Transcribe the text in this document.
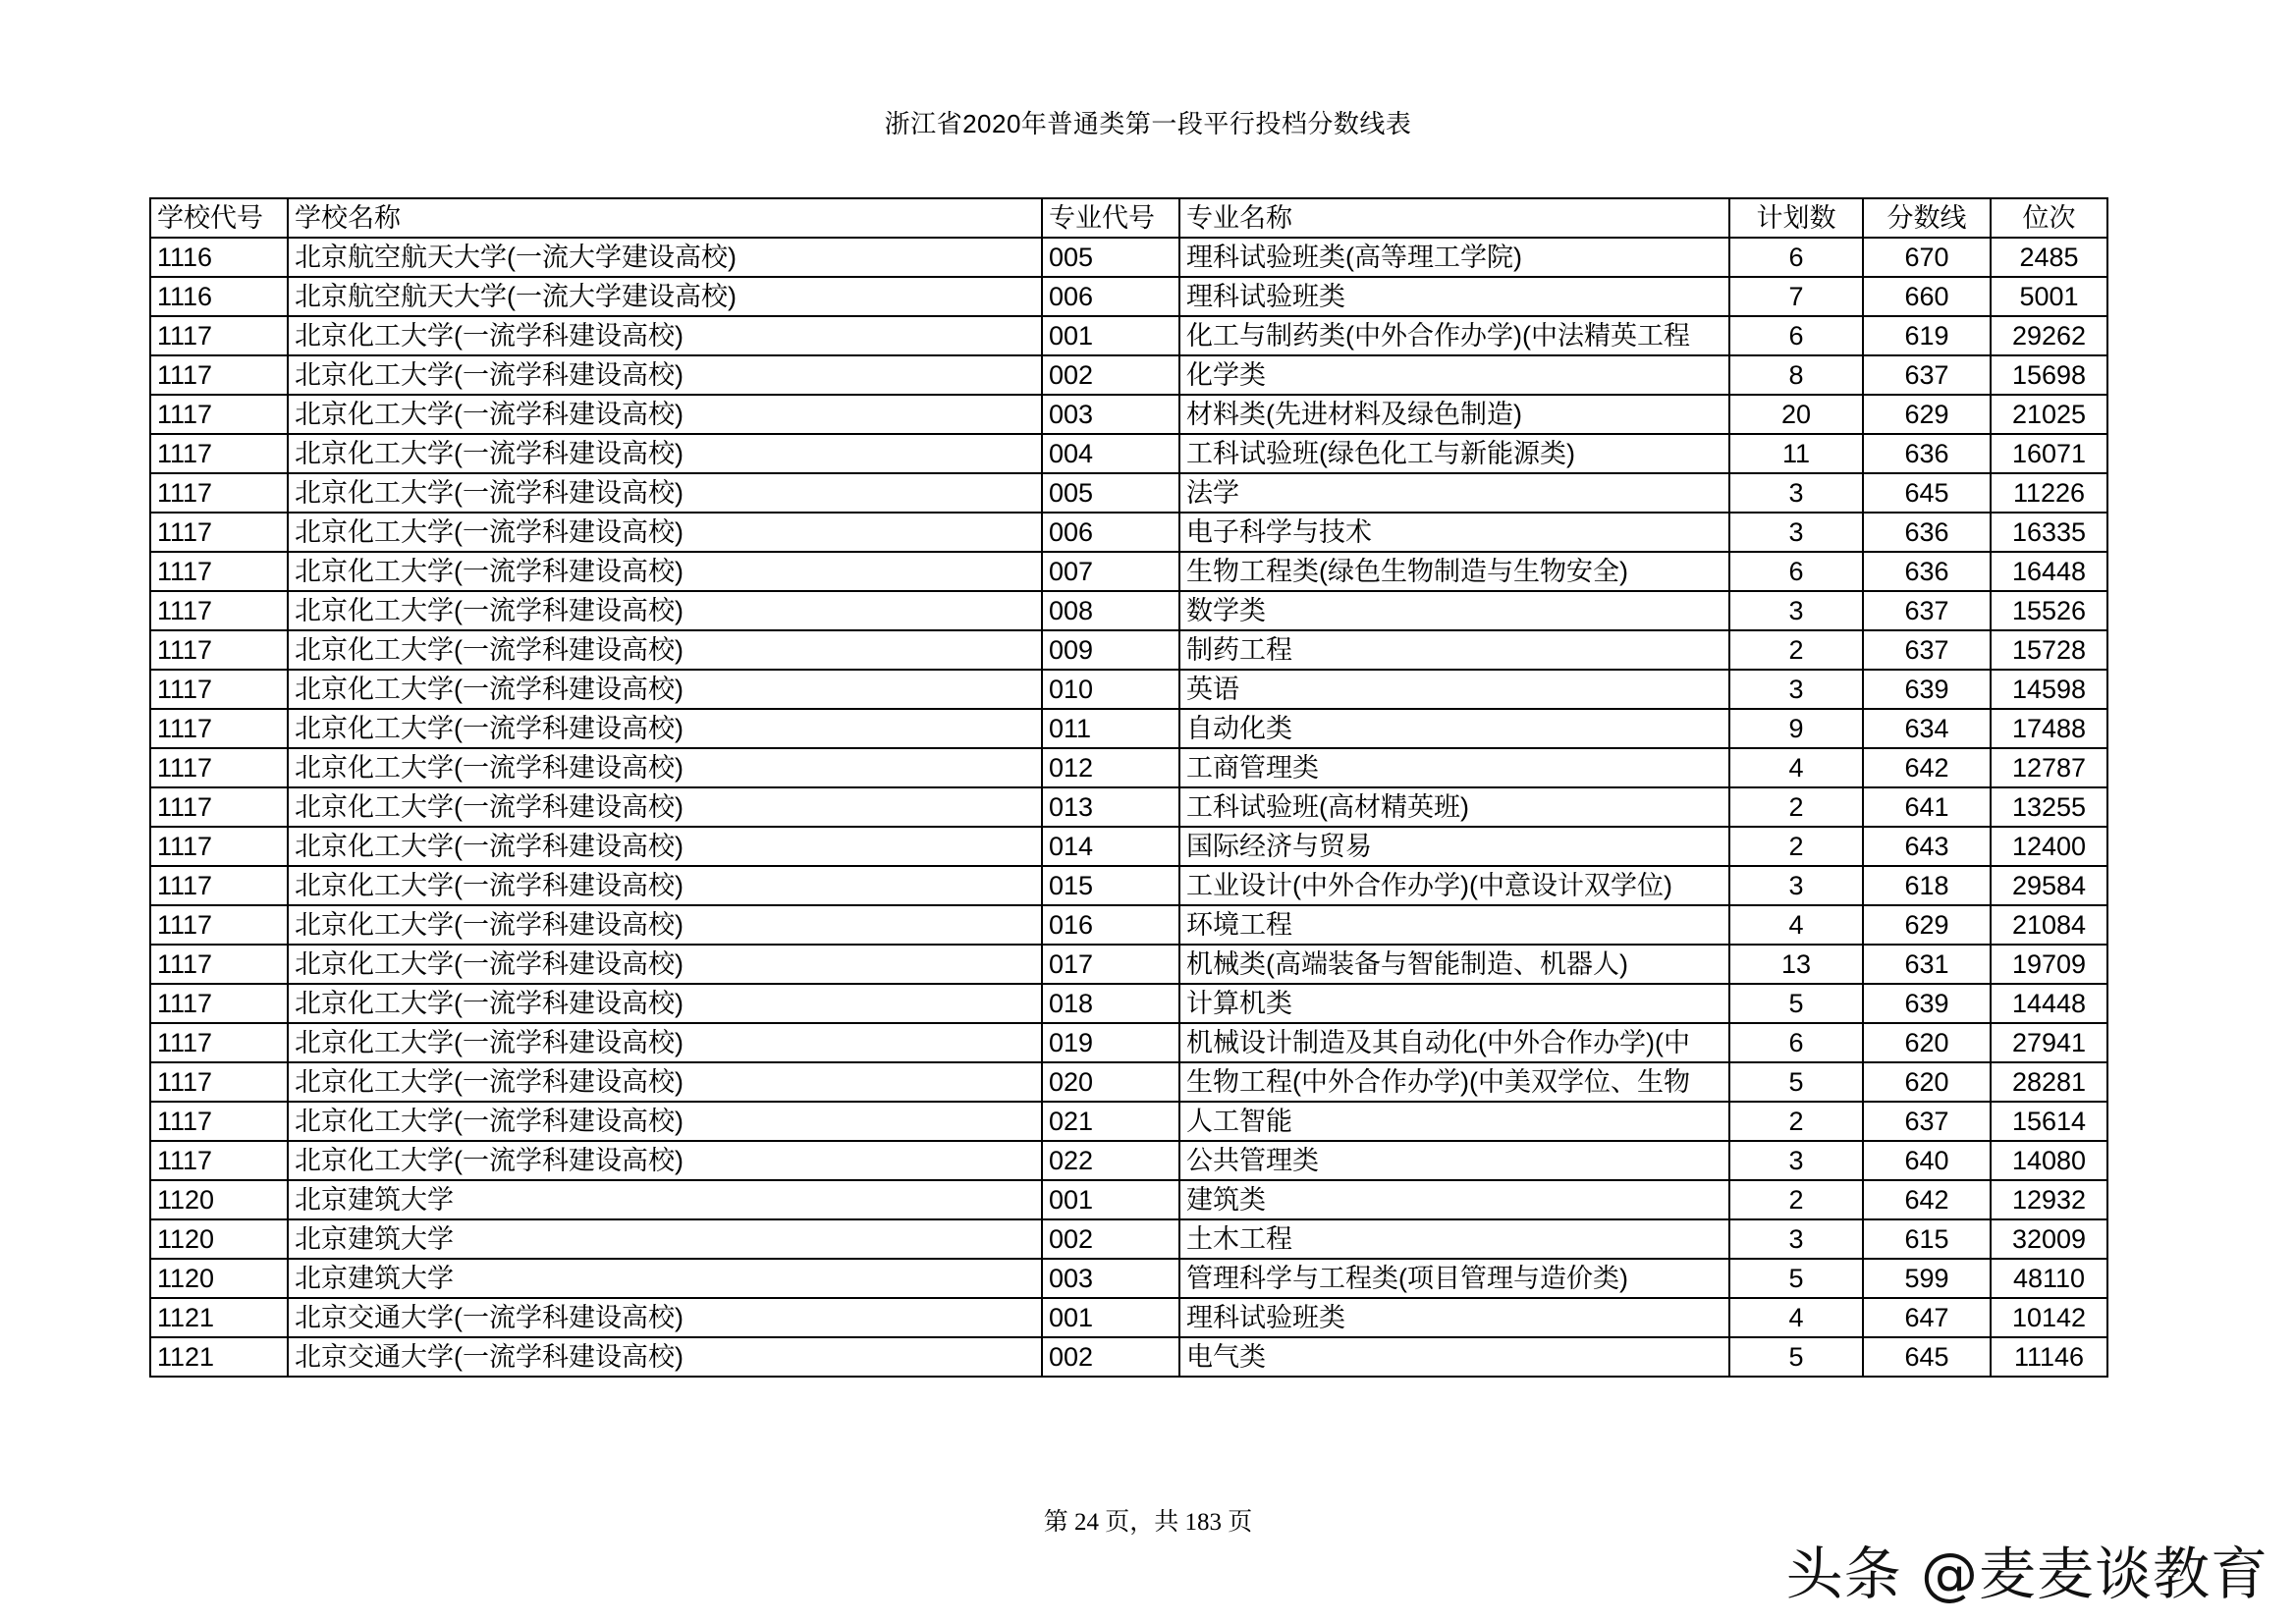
浙江省2020年普通类第一段平行投档分数线表
学校代号	学校名称	专业代号	专业名称	计划数	分数线	位次
1116	北京航空航天大学(一流大学建设高校)	005	理科试验班类(高等理工学院)	6	670	2485
1116	北京航空航天大学(一流大学建设高校)	006	理科试验班类	7	660	5001
1117	北京化工大学(一流学科建设高校)	001	化工与制药类(中外合作办学)(中法精英工程	6	619	29262
1117	北京化工大学(一流学科建设高校)	002	化学类	8	637	15698
1117	北京化工大学(一流学科建设高校)	003	材料类(先进材料及绿色制造)	20	629	21025
1117	北京化工大学(一流学科建设高校)	004	工科试验班(绿色化工与新能源类)	11	636	16071
1117	北京化工大学(一流学科建设高校)	005	法学	3	645	11226
1117	北京化工大学(一流学科建设高校)	006	电子科学与技术	3	636	16335
1117	北京化工大学(一流学科建设高校)	007	生物工程类(绿色生物制造与生物安全)	6	636	16448
1117	北京化工大学(一流学科建设高校)	008	数学类	3	637	15526
1117	北京化工大学(一流学科建设高校)	009	制药工程	2	637	15728
1117	北京化工大学(一流学科建设高校)	010	英语	3	639	14598
1117	北京化工大学(一流学科建设高校)	011	自动化类	9	634	17488
1117	北京化工大学(一流学科建设高校)	012	工商管理类	4	642	12787
1117	北京化工大学(一流学科建设高校)	013	工科试验班(高材精英班)	2	641	13255
1117	北京化工大学(一流学科建设高校)	014	国际经济与贸易	2	643	12400
1117	北京化工大学(一流学科建设高校)	015	工业设计(中外合作办学)(中意设计双学位)	3	618	29584
1117	北京化工大学(一流学科建设高校)	016	环境工程	4	629	21084
1117	北京化工大学(一流学科建设高校)	017	机械类(高端装备与智能制造、机器人)	13	631	19709
1117	北京化工大学(一流学科建设高校)	018	计算机类	5	639	14448
1117	北京化工大学(一流学科建设高校)	019	机械设计制造及其自动化(中外合作办学)(中	6	620	27941
1117	北京化工大学(一流学科建设高校)	020	生物工程(中外合作办学)(中美双学位、生物	5	620	28281
1117	北京化工大学(一流学科建设高校)	021	人工智能	2	637	15614
1117	北京化工大学(一流学科建设高校)	022	公共管理类	3	640	14080
1120	北京建筑大学	001	建筑类	2	642	12932
1120	北京建筑大学	002	土木工程	3	615	32009
1120	北京建筑大学	003	管理科学与工程类(项目管理与造价类)	5	599	48110
1121	北京交通大学(一流学科建设高校)	001	理科试验班类	4	647	10142
1121	北京交通大学(一流学科建设高校)	002	电气类	5	645	11146
第 24 页，共 183 页
头条 @麦麦谈教育
